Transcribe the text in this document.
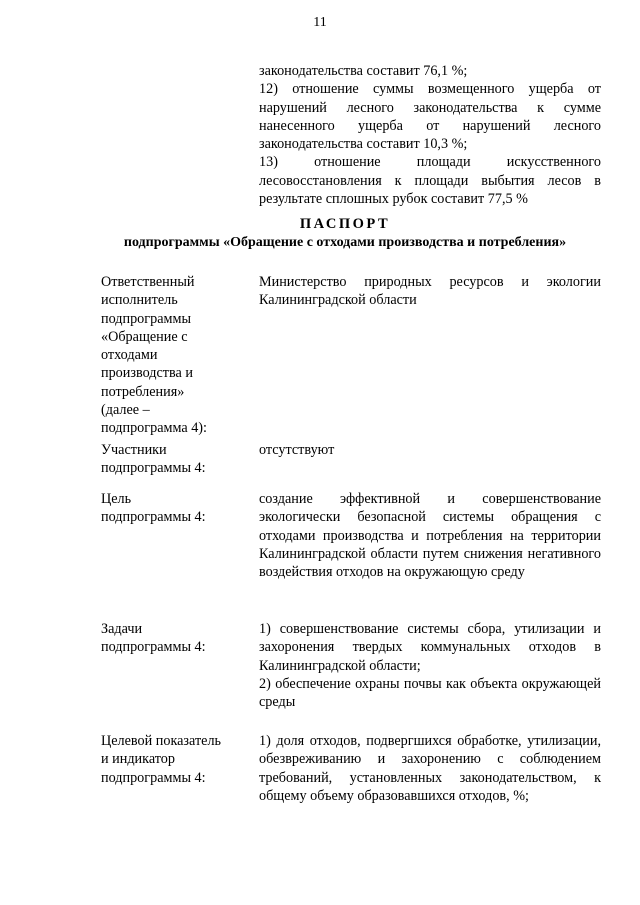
11

законодательства составит 76,1 %;

12) отношение суммы возмещенного ущерба от нарушений лесного законодательства к сумме нанесенного ущерба от нарушений лесного законодательства составит 10,3 %;

13) отношение площади искусственного лесовосстановления к площади выбытия лесов в результате сплошных рубок составит 77,5 %

ПАСПОРТ
подпрограммы «Обращение с отходами производства и потребления»
Ответственный
исполнитель
подпрограммы
«Обращение с
отходами
производства и
потребления»
(далее –
подпрограмма 4):

Министерство природных ресурсов и экологии Калининградской области

Участники
подпрограммы 4:

отсутствуют

Цель
подпрограммы 4:

создание эффективной и совершенствование экологически безопасной системы обращения с отходами производства и потребления на территории Калининградской области путем снижения негативного воздействия отходов на окружающую среду

Задачи
подпрограммы 4:

1) совершенствование системы сбора, утилизации и захоронения твердых коммунальных отходов в Калининградской области;

2) обеспечение охраны почвы как объекта окружающей среды

Целевой показатель
и индикатор
подпрограммы 4:

1) доля отходов, подвергшихся обработке, утилизации, обезвреживанию и захоронению с соблюдением требований, установленных законодательством, к общему объему образовавшихся отходов, %;
